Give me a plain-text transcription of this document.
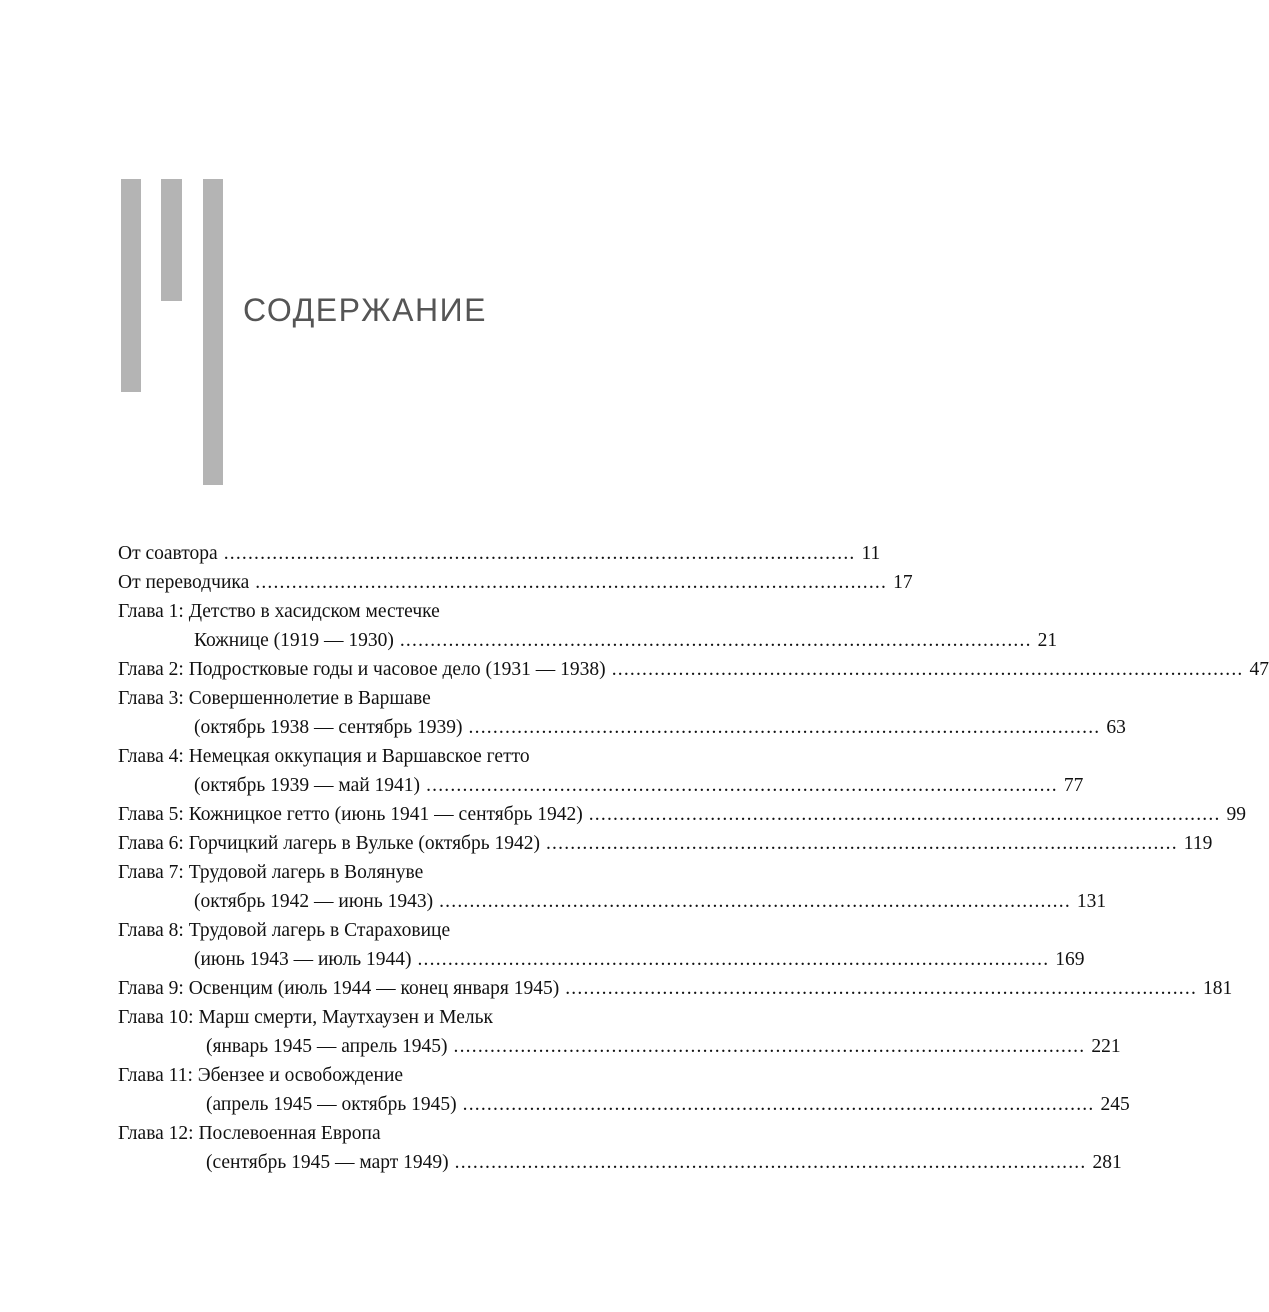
СОДЕРЖАНИЕ
От соавтора ........................................................................................................ 11
От переводчика ........................................................................................................ 17
Глава 1: Детство в хасидском местечке
Кожнице (1919 — 1930) ........................................................................................................ 21
Глава 2: Подростковые годы и часовое дело (1931 — 1938) ........................................................................................................ 47
Глава 3: Совершеннолетие в Варшаве
(октябрь 1938 — сентябрь 1939) ........................................................................................................ 63
Глава 4: Немецкая оккупация и Варшавское гетто
(октябрь 1939 — май 1941) ........................................................................................................ 77
Глава 5: Кожницкое гетто (июнь 1941 — сентябрь 1942) ........................................................................................................ 99
Глава 6: Горчицкий лагерь в Вульке (октябрь 1942) ........................................................................................................ 119
Глава 7: Трудовой лагерь в Волянуве
(октябрь 1942 — июнь 1943) ........................................................................................................ 131
Глава 8: Трудовой лагерь в Стараховице
(июнь 1943 — июль 1944) ........................................................................................................ 169
Глава 9: Освенцим (июль 1944 — конец января 1945) ........................................................................................................ 181
Глава 10: Марш смерти, Маутхаузен и Мельк
(январь 1945 — апрель 1945) ........................................................................................................ 221
Глава 11: Эбензее и освобождение
(апрель 1945 — октябрь 1945) ........................................................................................................ 245
Глава 12: Послевоенная Европа
(сентябрь 1945 — март 1949) ........................................................................................................ 281
